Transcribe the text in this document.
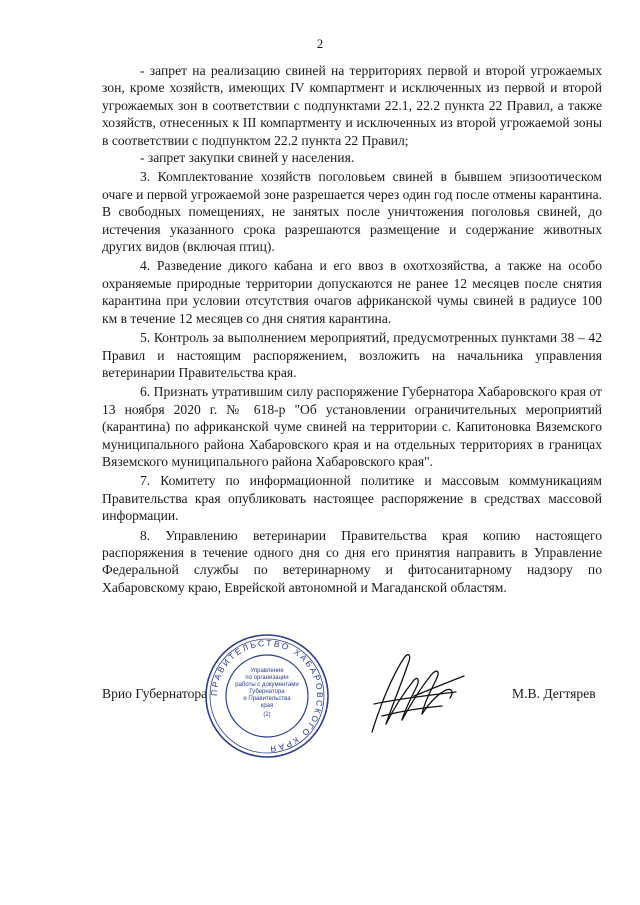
2

- запрет на реализацию свиней на территориях первой и второй угрожаемых зон, кроме хозяйств, имеющих IV компартмент и исключенных из первой и второй угрожаемых зон в соответствии с подпунктами 22.1, 22.2 пункта 22 Правил, а также хозяйств, отнесенных к III компартменту и исключенных из второй угрожаемой зоны в соответствии с подпунктом 22.2 пункта 22 Правил;

- запрет закупки свиней у населения.

3. Комплектование хозяйств поголовьем свиней в бывшем эпизоотическом очаге и первой угрожаемой зоне разрешается через один год после отмены карантина. В свободных помещениях, не занятых после уничтожения поголовья свиней, до истечения указанного срока разрешаются размещение и содержание животных других видов (включая птиц).

4. Разведение дикого кабана и его ввоз в охотхозяйства, а также на особо охраняемые природные территории допускаются не ранее 12 месяцев после снятия карантина при условии отсутствия очагов африканской чумы свиней в радиусе 100 км в течение 12 месяцев со дня снятия карантина.

5. Контроль за выполнением мероприятий, предусмотренных пунктами 38 – 42 Правил и настоящим распоряжением, возложить на начальника управления ветеринарии Правительства края.

6. Признать утратившим силу распоряжение Губернатора Хабаровского края от 13 ноября 2020 г. № 618-р "Об установлении ограничительных мероприятий (карантина) по африканской чуме свиней на территории с. Капитоновка Вяземского муниципального района Хабаровского края и на отдельных территориях в границах Вяземского муниципального района Хабаровского края".

7. Комитету по информационной политике и массовым коммуникациям Правительства края опубликовать настоящее распоряжение в средствах массовой информации.

8. Управлению ветеринарии Правительства края копию настоящего распоряжения в течение одного дня со дня его принятия направить в Управление Федеральной службы по ветеринарному и фитосанитарному надзору по Хабаровскому краю, Еврейской автономной и Магаданской областям.

Врио Губернатора ПРАВИТЕЛЬСТВО ХАБАРОВСКОГО КРАЯ
Управление
по организации
работы с документами
Губернатора
и Правительства
края
(2)
М.В. Дегтярев
